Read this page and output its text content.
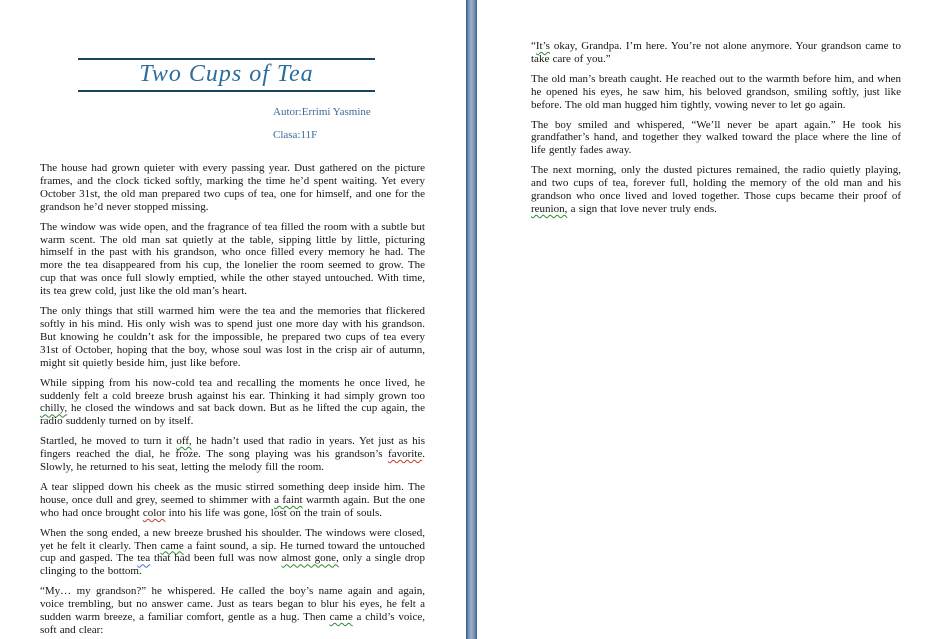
Two Cups of Tea

Autor:Errimi Yasmine

Clasa:11F

The house had grown quieter with every passing year. Dust gathered on the picture frames, and the clock ticked softly, marking the time he’d spent waiting. Yet every October 31st, the old man prepared two cups of tea, one for himself, and one for the grandson he’d never stopped missing.

The window was wide open, and the fragrance of tea filled the room with a subtle but warm scent. The old man sat quietly at the table, sipping little by little, picturing himself in the past with his grandson, who once filled every memory he had. The more the tea disappeared from his cup, the lonelier the room seemed to grow. The cup that was once full slowly emptied, while the other stayed untouched. With time, its tea grew cold, just like the old man’s heart.

The only things that still warmed him were the tea and the memories that flickered softly in his mind. His only wish was to spend just one more day with his grandson. But knowing he couldn’t ask for the impossible, he prepared two cups of tea every 31st of October, hoping that the boy, whose soul was lost in the crisp air of autumn, might sit quietly beside him, just like before.

While sipping from his now-cold tea and recalling the moments he once lived, he suddenly felt a cold breeze brush against his ear. Thinking it had simply grown too chilly, he closed the windows and sat back down. But as he lifted the cup again, the radio suddenly turned on by itself.

Startled, he moved to turn it off, he hadn’t used that radio in years. Yet just as his fingers reached the dial, he froze. The song playing was his grandson’s favorite. Slowly, he returned to his seat, letting the melody fill the room.

A tear slipped down his cheek as the music stirred something deep inside him. The house, once dull and grey, seemed to shimmer with a faint warmth again. But the one who had once brought color into his life was gone, lost on the train of souls.

When the song ended, a new breeze brushed his shoulder. The windows were closed, yet he felt it clearly. Then came a faint sound, a sip. He turned toward the untouched cup and gasped. The tea that had been full was now almost gone, only a single drop clinging to the bottom.

“My… my grandson?” he whispered. He called the boy’s name again and again, voice trembling, but no answer came. Just as tears began to blur his eyes, he felt a sudden warm breeze, a familiar comfort, gentle as a hug. Then came a child’s voice, soft and clear:

“It’s okay, Grandpa. I’m here. You’re not alone anymore. Your grandson came to take care of you.”

The old man’s breath caught. He reached out to the warmth before him, and when he opened his eyes, he saw him, his beloved grandson, smiling softly, just like before. The old man hugged him tightly, vowing never to let go again.

The boy smiled and whispered, “We’ll never be apart again.” He took his grandfather’s hand, and together they walked toward the place where the line of life gently fades away.

The next morning, only the dusted pictures remained, the radio quietly playing, and two cups of tea, forever full, holding the memory of the old man and his grandson who once lived and loved together. Those cups became their proof of reunion, a sign that love never truly ends.
